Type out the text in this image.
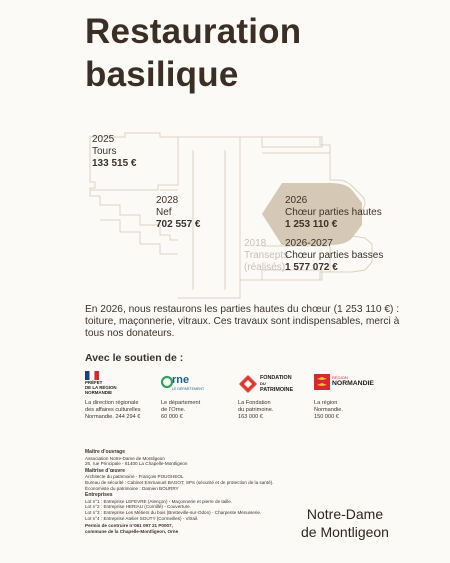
Restauration
basilique
2025
Tours
133 515 €
2028
Nef
702 557 €
2018
Transepts
(réalisés)
2026
Chœur parties hautes
1 253 110 €
2026-2027
Chœur parties basses
1 577 072 €
En 2026, nous restaurons les parties hautes du chœur (1 253 110 €) : toiture, maçonnerie, vitraux. Ces travaux sont indispensables, merci à tous nos donateurs.
Avec le soutien de :
PRÉFET
DE LA RÉGION
NORMANDIE
rne
LE DÉPARTEMENT
FONDATION
DU
PATRIMOINE
RÉGION
NORMANDIE
La direction régionale
des affaires culturelles
Normandie. 244 294 €
Le département
de l’Orne.
60 000 €
La Fondation
du patrimoine.
163 000 €
La région
Normandie.
150 000 €
Maître d’ouvrage
Association Notre-Dame de Montligeon
26, rue Principale - 61400 La Chapelle-Montligeon
Maîtrise d’œuvre
Architecte du patrimoine - François POUGHEOL
Bureau de sécurité : Cabinet Emmanuel BAGOT, SPS (sécurité et de protection de la santé).
Économiste du patrimoine : Damien BOURRY
Entreprises
Lot n°1 : Entreprise LEFEVRE (Alençon) - Maçonnerie et pierre de taille.
Lot n°2 : Entreprise HERIAU (Cornillé) - Couverture.
Lot n°3 : Entreprise Les Métiers du bois (Bretteville-sur-Odon) - Charpente Menuiserie.
Lot n°4 : Entreprise Atelier SOUTY (Cormeilles) - Vitrail.
Permis de contruire n°061 097 21 P0007,
commune de la Chapelle-Montligeon, Orne
Notre-Dame
de Montligeon
